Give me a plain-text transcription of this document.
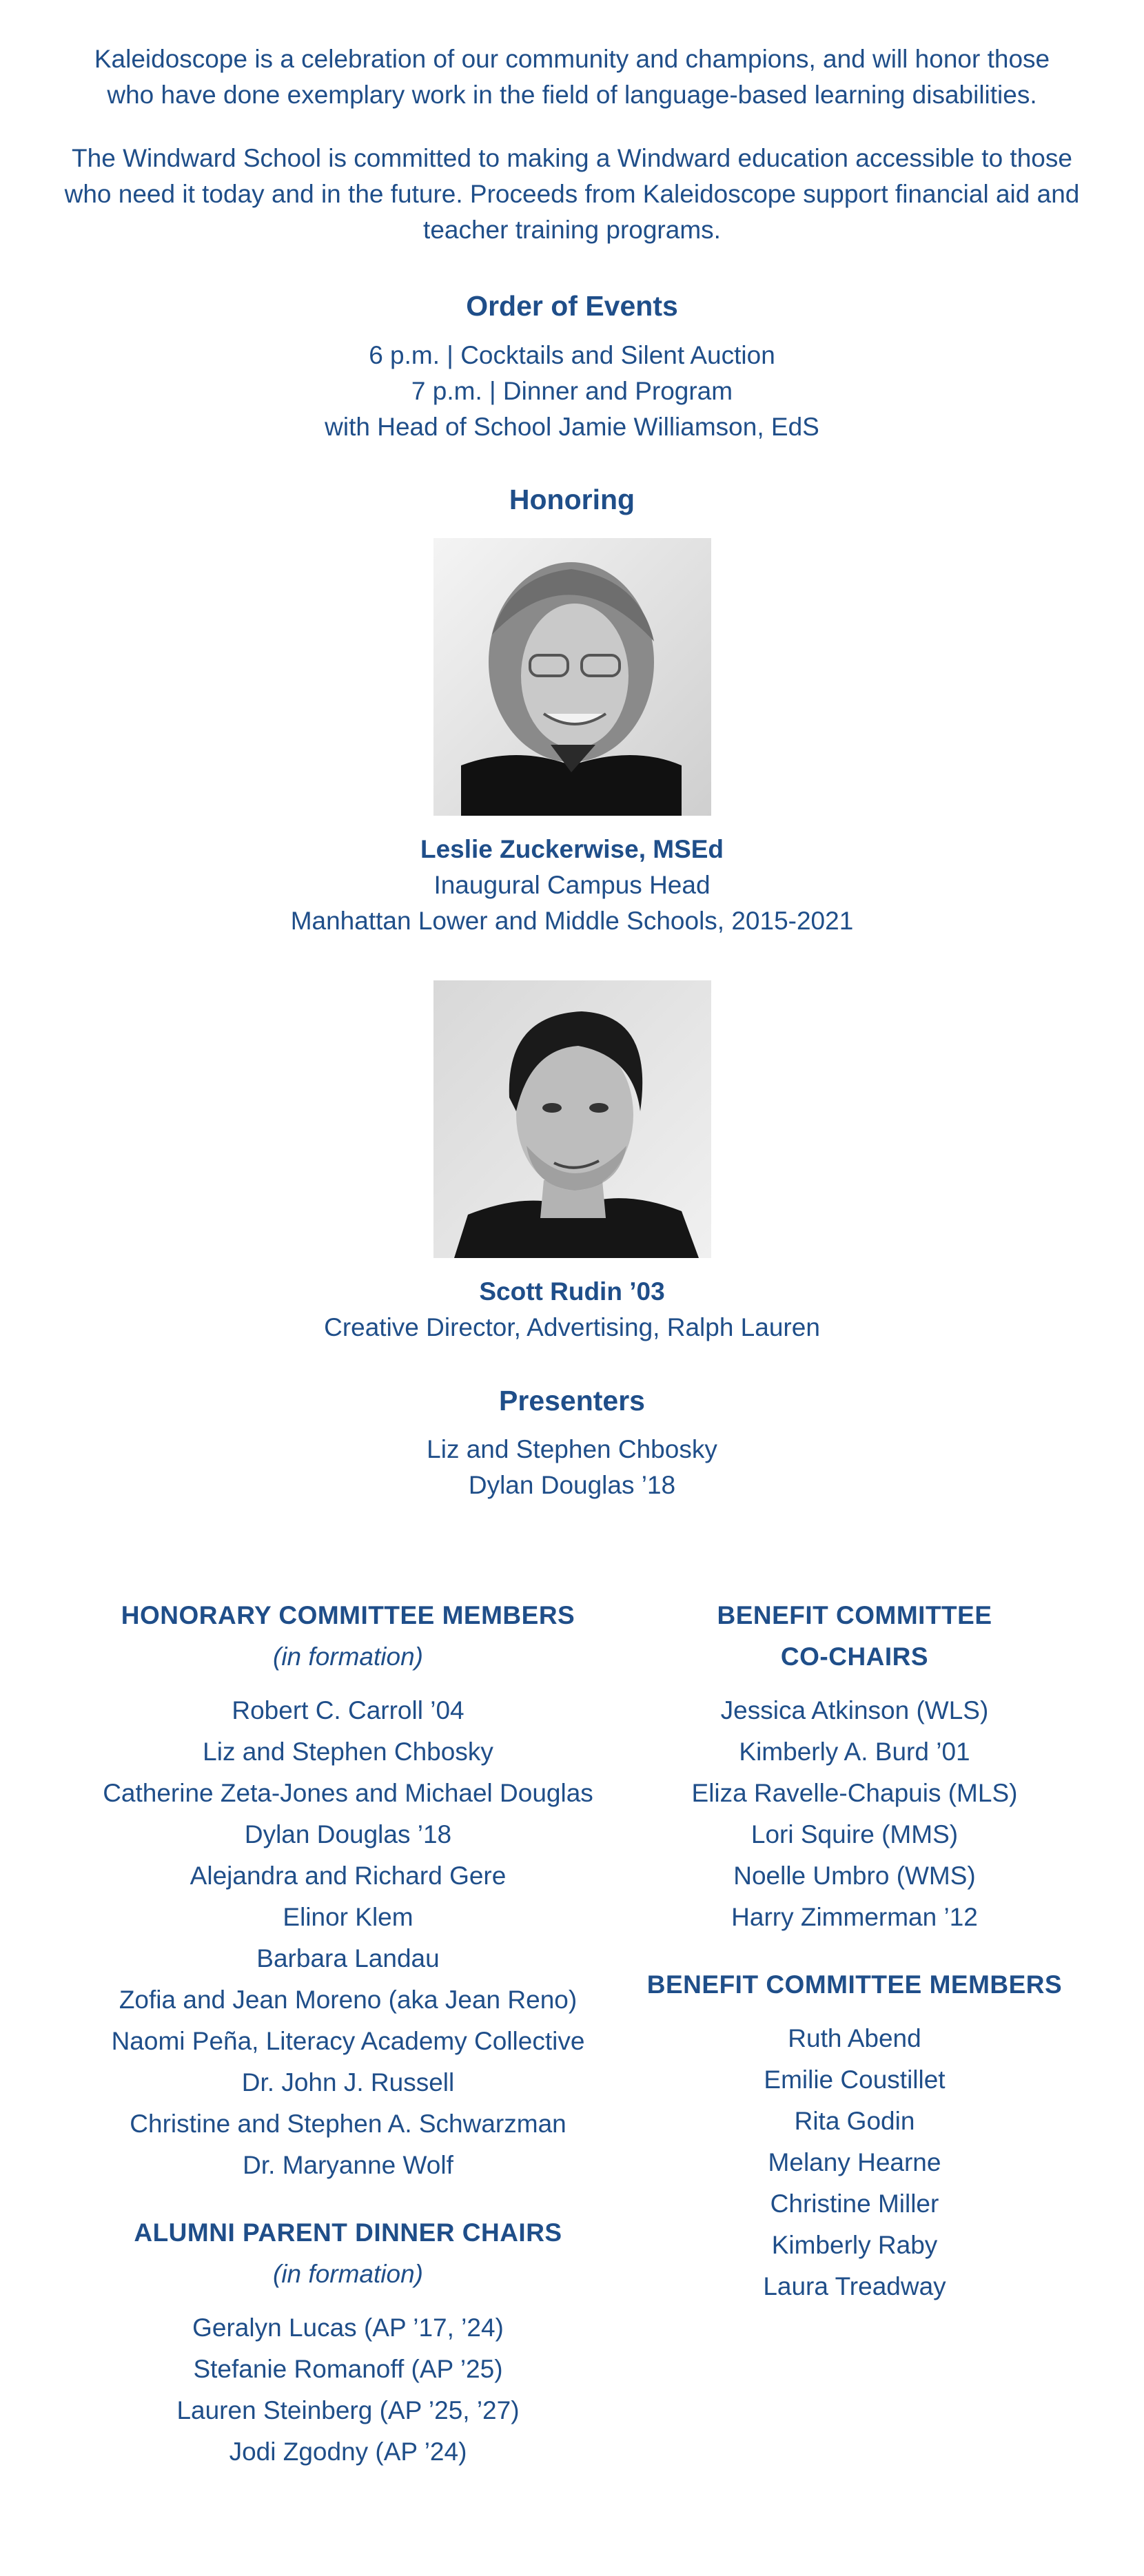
Kaleidoscope is a celebration of our community and champions, and will honor those who have done exemplary work in the field of language-based learning disabilities.

The Windward School is committed to making a Windward education accessible to those who need it today and in the future. Proceeds from Kaleidoscope support financial aid and teacher training programs.

Order of Events
6 p.m. | Cocktails and Silent Auction
7 p.m. | Dinner and Program
with Head of School Jamie Williamson, EdS
Honoring
Leslie Zuckerwise, MSEd
Inaugural Campus Head
Manhattan Lower and Middle Schools, 2015-2021
Scott Rudin ’03
Creative Director, Advertising, Ralph Lauren
Presenters
Liz and Stephen Chbosky
Dylan Douglas ’18
HONORARY COMMITTEE MEMBERS
(in formation)
Robert C. Carroll ’04
Liz and Stephen Chbosky
Catherine Zeta-Jones and Michael Douglas
Dylan Douglas ’18
Alejandra and Richard Gere
Elinor Klem
Barbara Landau
Zofia and Jean Moreno (aka Jean Reno)
Naomi Peña, Literacy Academy Collective
Dr. John J. Russell
Christine and Stephen A. Schwarzman
Dr. Maryanne Wolf
ALUMNI PARENT DINNER CHAIRS
(in formation)
Geralyn Lucas (AP ’17, ’24)
Stefanie Romanoff (AP ’25)
Lauren Steinberg (AP ’25, ’27)
Jodi Zgodny (AP ’24)
BENEFIT COMMITTEE
CO-CHAIRS
Jessica Atkinson (WLS)
Kimberly A. Burd ’01
Eliza Ravelle-Chapuis (MLS)
Lori Squire (MMS)
Noelle Umbro (WMS)
Harry Zimmerman ’12
BENEFIT COMMITTEE MEMBERS
Ruth Abend
Emilie Coustillet
Rita Godin
Melany Hearne
Christine Miller
Kimberly Raby
Laura Treadway
